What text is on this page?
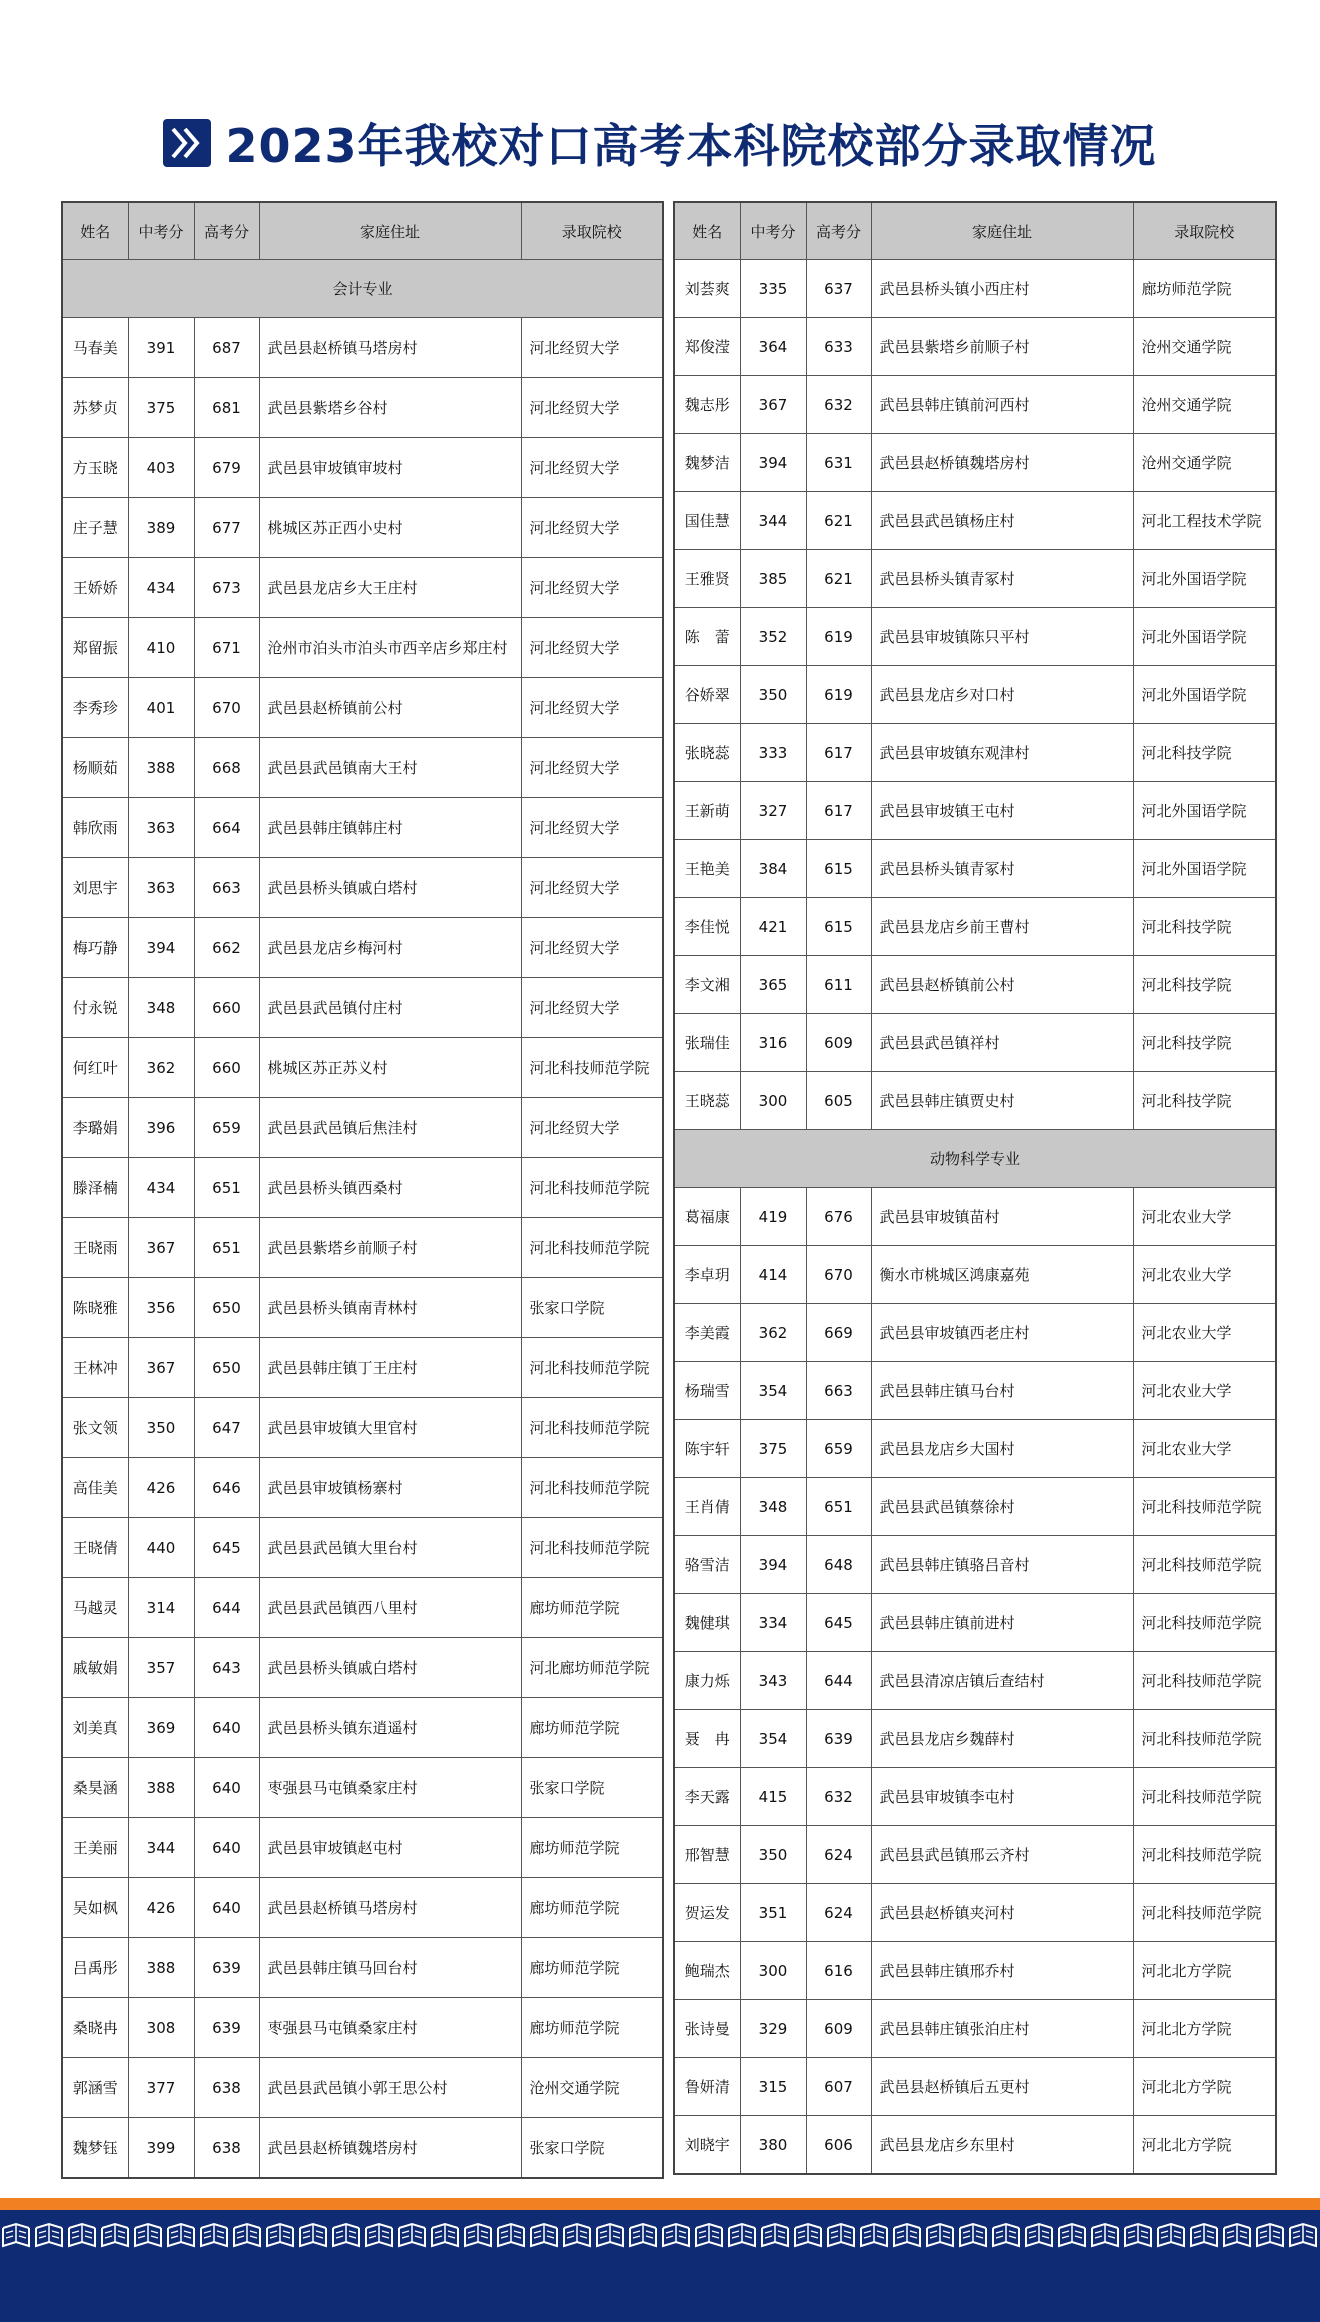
2023年我校对口高考本科院校部分录取情况
姓名	中考分	高考分	家庭住址	录取院校
会计专业				
马春美	391	687	武邑县赵桥镇马塔房村	河北经贸大学
苏梦贞	375	681	武邑县紫塔乡谷村	河北经贸大学
方玉晓	403	679	武邑县审坡镇审坡村	河北经贸大学
庄子慧	389	677	桃城区苏正西小史村	河北经贸大学
王娇娇	434	673	武邑县龙店乡大王庄村	河北经贸大学
郑留振	410	671	沧州市泊头市泊头市西辛店乡郑庄村	河北经贸大学
李秀珍	401	670	武邑县赵桥镇前公村	河北经贸大学
杨顺茹	388	668	武邑县武邑镇南大王村	河北经贸大学
韩欣雨	363	664	武邑县韩庄镇韩庄村	河北经贸大学
刘思宇	363	663	武邑县桥头镇戚白塔村	河北经贸大学
梅巧静	394	662	武邑县龙店乡梅河村	河北经贸大学
付永锐	348	660	武邑县武邑镇付庄村	河北经贸大学
何红叶	362	660	桃城区苏正苏义村	河北科技师范学院
李璐娟	396	659	武邑县武邑镇后焦洼村	河北经贸大学
滕泽楠	434	651	武邑县桥头镇西桑村	河北科技师范学院
王晓雨	367	651	武邑县紫塔乡前顺子村	河北科技师范学院
陈晓雅	356	650	武邑县桥头镇南青林村	张家口学院
王林冲	367	650	武邑县韩庄镇丁王庄村	河北科技师范学院
张文领	350	647	武邑县审坡镇大里官村	河北科技师范学院
高佳美	426	646	武邑县审坡镇杨寨村	河北科技师范学院
王晓倩	440	645	武邑县武邑镇大里台村	河北科技师范学院
马越灵	314	644	武邑县武邑镇西八里村	廊坊师范学院
戚敏娟	357	643	武邑县桥头镇戚白塔村	河北廊坊师范学院
刘美真	369	640	武邑县桥头镇东逍遥村	廊坊师范学院
桑昊涵	388	640	枣强县马屯镇桑家庄村	张家口学院
王美丽	344	640	武邑县审坡镇赵屯村	廊坊师范学院
吴如枫	426	640	武邑县赵桥镇马塔房村	廊坊师范学院
吕禹彤	388	639	武邑县韩庄镇马回台村	廊坊师范学院
桑晓冉	308	639	枣强县马屯镇桑家庄村	廊坊师范学院
郭涵雪	377	638	武邑县武邑镇小郭王思公村	沧州交通学院
魏梦钰	399	638	武邑县赵桥镇魏塔房村	张家口学院
姓名	中考分	高考分	家庭住址	录取院校
刘荟爽	335	637	武邑县桥头镇小西庄村	廊坊师范学院
郑俊滢	364	633	武邑县紫塔乡前顺子村	沧州交通学院
魏志彤	367	632	武邑县韩庄镇前河西村	沧州交通学院
魏梦洁	394	631	武邑县赵桥镇魏塔房村	沧州交通学院
国佳慧	344	621	武邑县武邑镇杨庄村	河北工程技术学院
王雅贤	385	621	武邑县桥头镇青冢村	河北外国语学院
陈　蕾	352	619	武邑县审坡镇陈只平村	河北外国语学院
谷娇翠	350	619	武邑县龙店乡对口村	河北外国语学院
张晓蕊	333	617	武邑县审坡镇东观津村	河北科技学院
王新萌	327	617	武邑县审坡镇王屯村	河北外国语学院
王艳美	384	615	武邑县桥头镇青冢村	河北外国语学院
李佳悦	421	615	武邑县龙店乡前王曹村	河北科技学院
李文湘	365	611	武邑县赵桥镇前公村	河北科技学院
张瑞佳	316	609	武邑县武邑镇祥村	河北科技学院
王晓蕊	300	605	武邑县韩庄镇贾史村	河北科技学院
动物科学专业				
葛福康	419	676	武邑县审坡镇苗村	河北农业大学
李卓玥	414	670	衡水市桃城区鸿康嘉苑	河北农业大学
李美霞	362	669	武邑县审坡镇西老庄村	河北农业大学
杨瑞雪	354	663	武邑县韩庄镇马台村	河北农业大学
陈宇轩	375	659	武邑县龙店乡大国村	河北农业大学
王肖倩	348	651	武邑县武邑镇蔡徐村	河北科技师范学院
骆雪洁	394	648	武邑县韩庄镇骆吕音村	河北科技师范学院
魏健琪	334	645	武邑县韩庄镇前进村	河北科技师范学院
康力烁	343	644	武邑县清凉店镇后查结村	河北科技师范学院
聂　冉	354	639	武邑县龙店乡魏薛村	河北科技师范学院
李天露	415	632	武邑县审坡镇李屯村	河北科技师范学院
邢智慧	350	624	武邑县武邑镇邢云齐村	河北科技师范学院
贺运发	351	624	武邑县赵桥镇夹河村	河北科技师范学院
鲍瑞杰	300	616	武邑县韩庄镇邢乔村	河北北方学院
张诗曼	329	609	武邑县韩庄镇张泊庄村	河北北方学院
鲁妍清	315	607	武邑县赵桥镇后五更村	河北北方学院
刘晓宇	380	606	武邑县龙店乡东里村	河北北方学院
